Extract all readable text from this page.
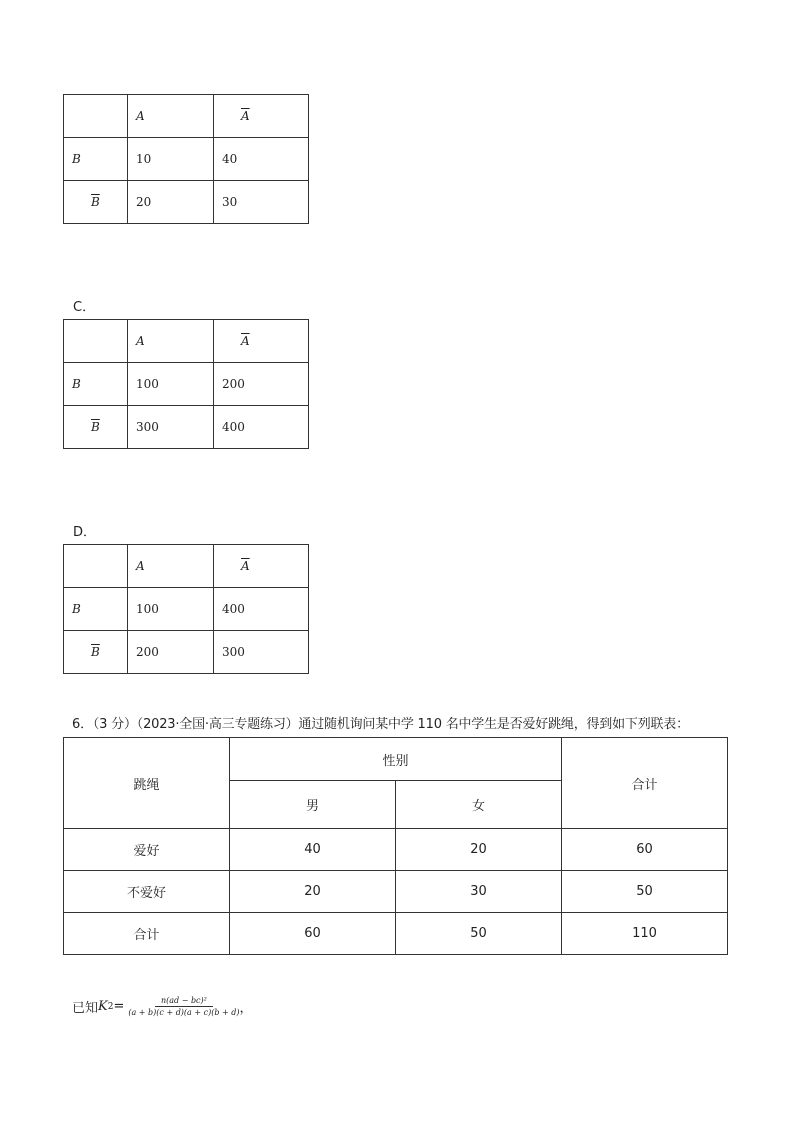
	A	$\overline{A}$
B	10	40
$\overline{B}$	20	30
C．
	A	$\overline{A}$
B	100	200
$\overline{B}$	300	400
D．
	A	$\overline{A}$
B	100	400
$\overline{B}$	200	300
6．（3 分）（2023·全国·高三专题练习）通过随机询问某中学 110 名中学生是否爱好跳绳，得到如下列联表：
跳绳	性别		合计
	男	女	
爱好	40	20	60
不爱好	20	30	50
合计	60	50	110
已知 K $2 = \frac{\text{n(ad − bc)²}}{(a + b)(c + d)(a + c)(b + d)}$ ，
